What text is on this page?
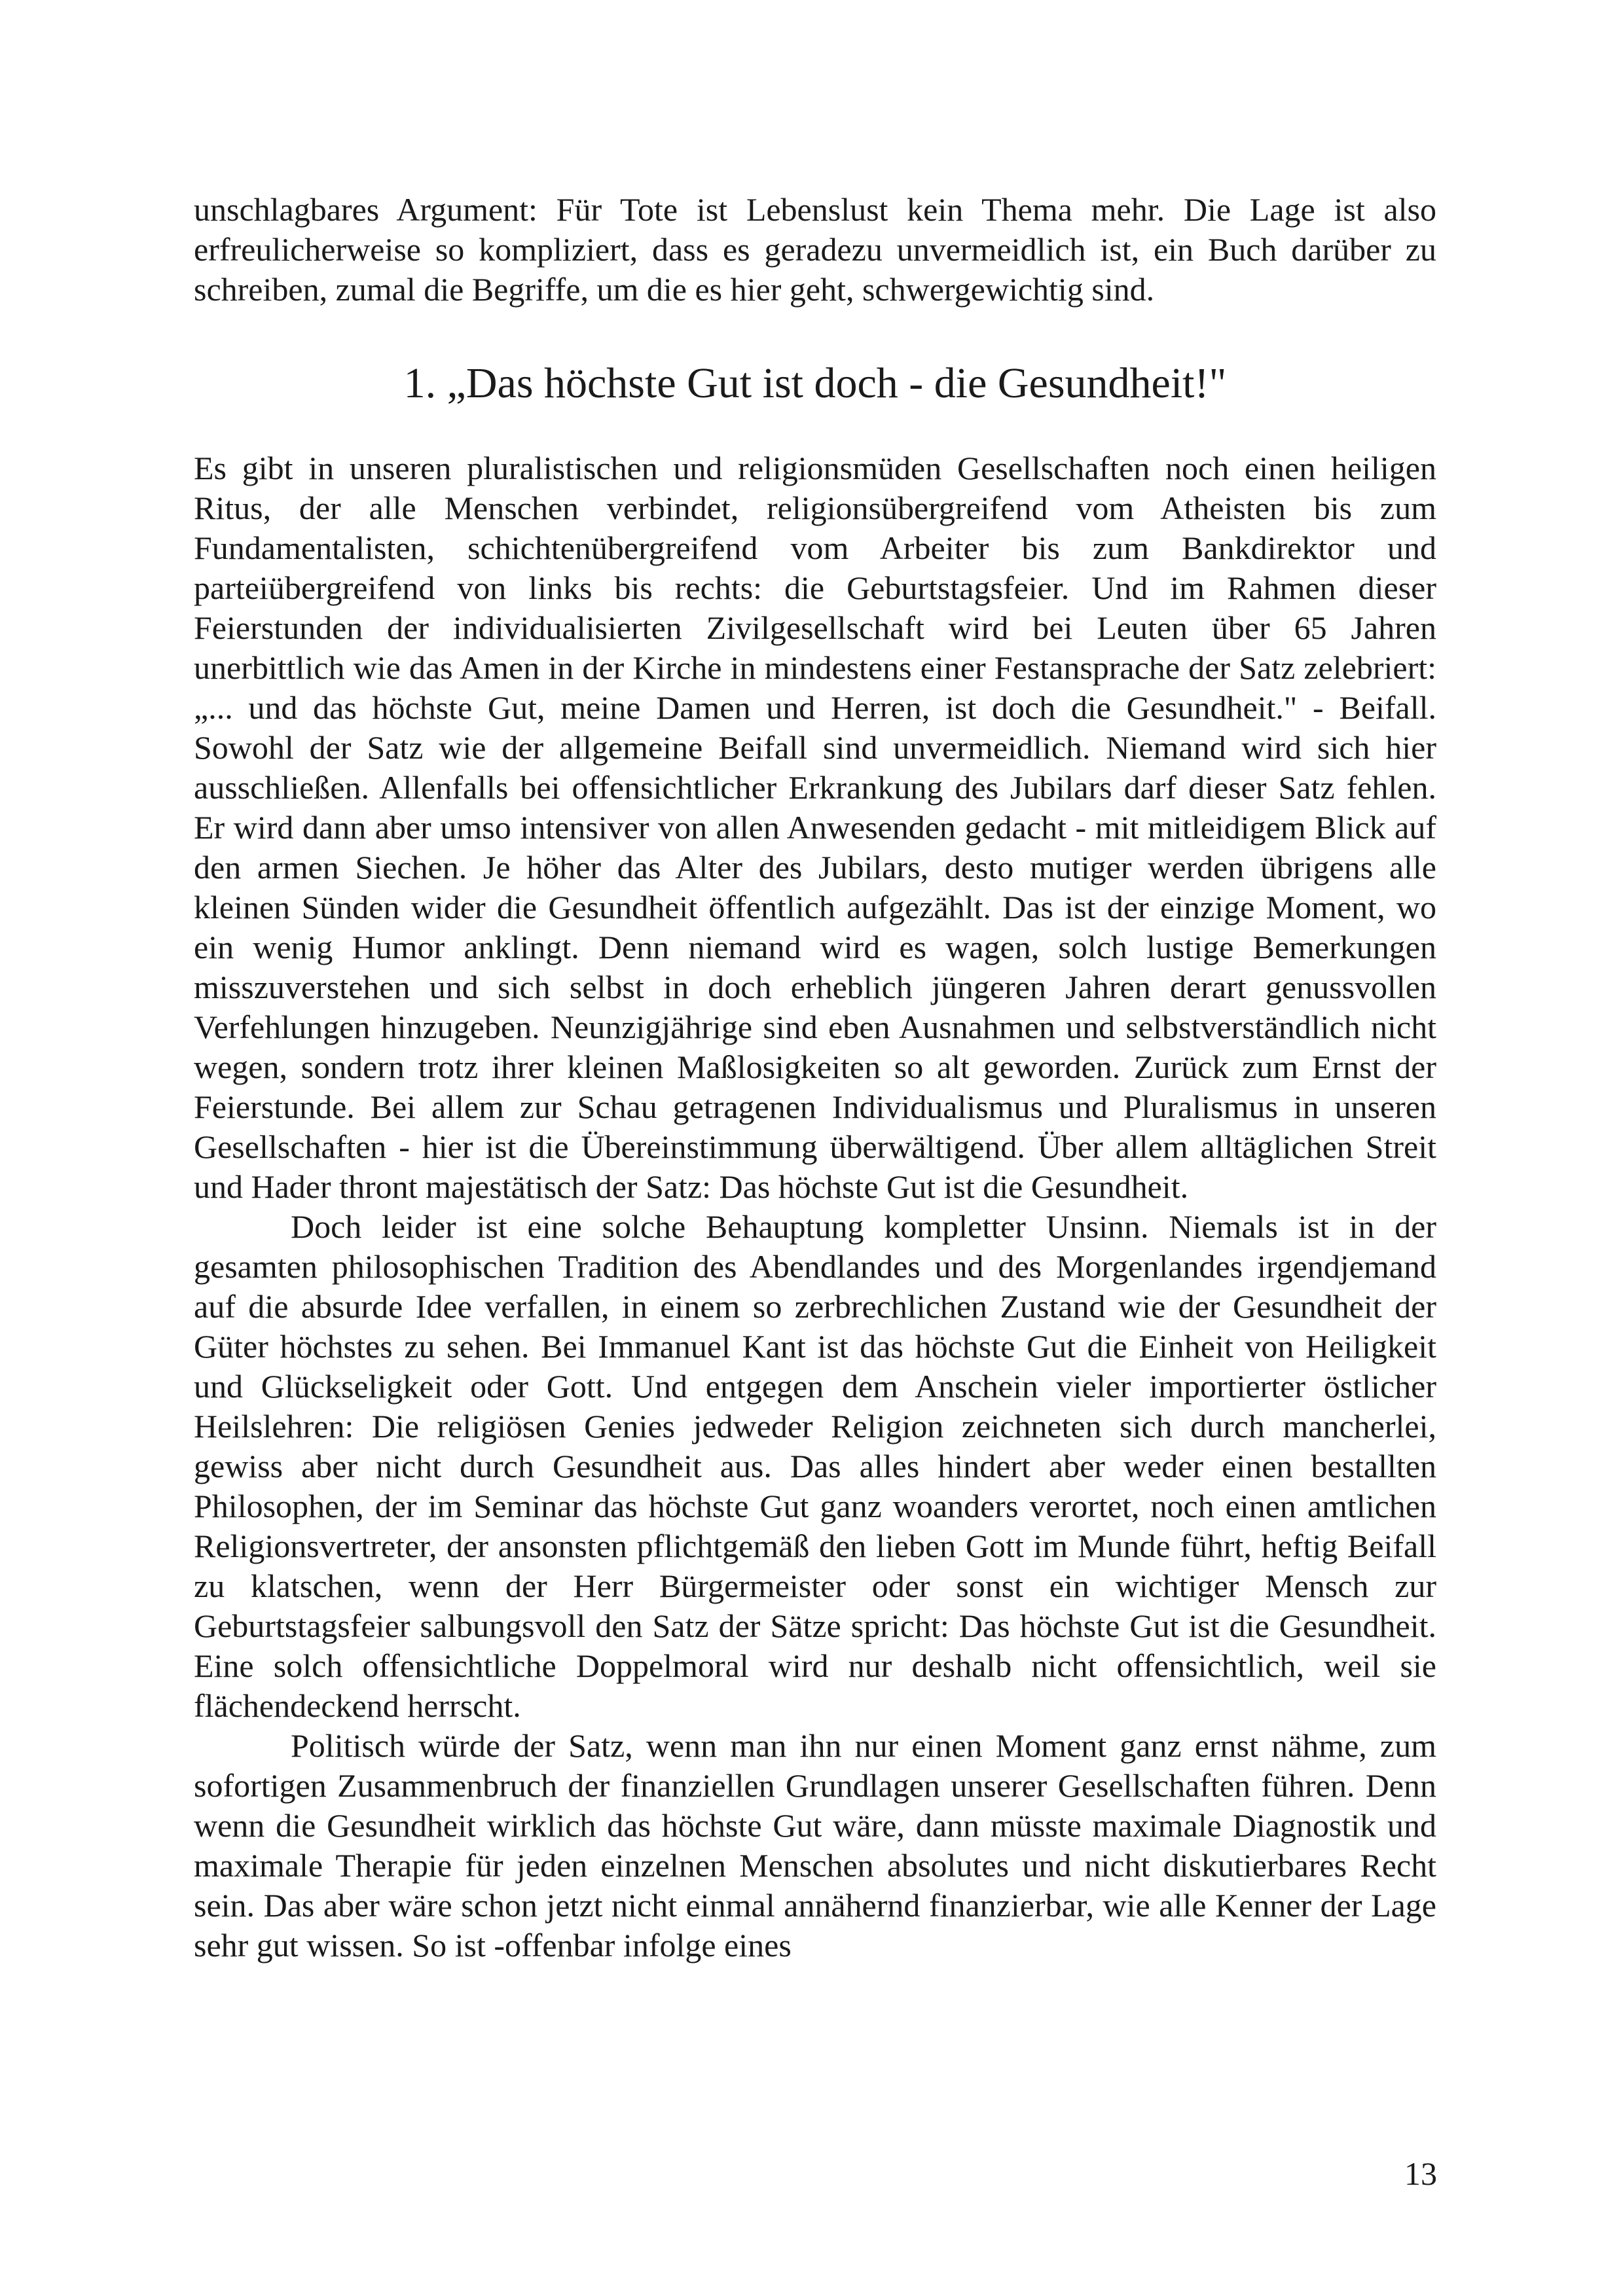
unschlagbares Argument: Für Tote ist Lebenslust kein Thema mehr. Die Lage ist also erfreulicherweise so kompliziert, dass es geradezu unvermeidlich ist, ein Buch darüber zu schreiben, zumal die Begriffe, um die es hier geht, schwergewichtig sind.

1. „Das höchste Gut ist doch - die Gesundheit!"

Es gibt in unseren pluralistischen und religionsmüden Gesellschaften noch einen heiligen Ritus, der alle Menschen verbindet, religionsübergreifend vom Atheisten bis zum Fundamentalisten, schichtenübergreifend vom Arbeiter bis zum Bankdirektor und parteiübergreifend von links bis rechts: die Geburtstagsfeier. Und im Rahmen dieser Feierstunden der individualisierten Zivilgesellschaft wird bei Leuten über 65 Jahren unerbittlich wie das Amen in der Kirche in mindestens einer Festansprache der Satz zelebriert: „... und das höchste Gut, meine Damen und Herren, ist doch die Gesundheit." - Beifall. Sowohl der Satz wie der allgemeine Beifall sind unvermeidlich. Niemand wird sich hier ausschließen. Allenfalls bei offensichtlicher Erkrankung des Jubilars darf dieser Satz fehlen. Er wird dann aber umso intensiver von allen Anwesenden gedacht - mit mitleidigem Blick auf den armen Siechen. Je höher das Alter des Jubilars, desto mutiger werden übrigens alle kleinen Sünden wider die Gesundheit öffentlich aufgezählt. Das ist der einzige Moment, wo ein wenig Humor anklingt. Denn niemand wird es wagen, solch lustige Bemerkungen misszuverstehen und sich selbst in doch erheblich jüngeren Jahren derart genussvollen Verfehlungen hinzugeben. Neunzigjährige sind eben Ausnahmen und selbstverständlich nicht wegen, sondern trotz ihrer kleinen Maßlosigkeiten so alt geworden. Zurück zum Ernst der Feierstunde. Bei allem zur Schau getragenen Individualismus und Pluralismus in unseren Gesellschaften - hier ist die Übereinstimmung überwältigend. Über allem alltäglichen Streit und Hader thront majestätisch der Satz: Das höchste Gut ist die Gesundheit.

Doch leider ist eine solche Behauptung kompletter Unsinn. Niemals ist in der gesamten philosophischen Tradition des Abendlandes und des Morgenlandes irgendjemand auf die absurde Idee verfallen, in einem so zerbrechlichen Zustand wie der Gesundheit der Güter höchstes zu sehen. Bei Immanuel Kant ist das höchste Gut die Einheit von Heiligkeit und Glückseligkeit oder Gott. Und entgegen dem Anschein vieler importierter östlicher Heilslehren: Die religiösen Genies jedweder Religion zeichneten sich durch mancherlei, gewiss aber nicht durch Gesundheit aus. Das alles hindert aber weder einen bestallten Philosophen, der im Seminar das höchste Gut ganz woanders verortet, noch einen amtlichen Religionsvertreter, der ansonsten pflichtgemäß den lieben Gott im Munde führt, heftig Beifall zu klatschen, wenn der Herr Bürgermeister oder sonst ein wichtiger Mensch zur Geburtstagsfeier salbungsvoll den Satz der Sätze spricht: Das höchste Gut ist die Gesundheit. Eine solch offensichtliche Doppelmoral wird nur deshalb nicht offensichtlich, weil sie flächendeckend herrscht.

Politisch würde der Satz, wenn man ihn nur einen Moment ganz ernst nähme, zum sofortigen Zusammenbruch der finanziellen Grundlagen unserer Gesellschaften führen. Denn wenn die Gesundheit wirklich das höchste Gut wäre, dann müsste maximale Diagnostik und maximale Therapie für jeden einzelnen Menschen absolutes und nicht diskutierbares Recht sein. Das aber wäre schon jetzt nicht einmal annähernd finanzierbar, wie alle Kenner der Lage sehr gut wissen. So ist -offenbar infolge eines

13
